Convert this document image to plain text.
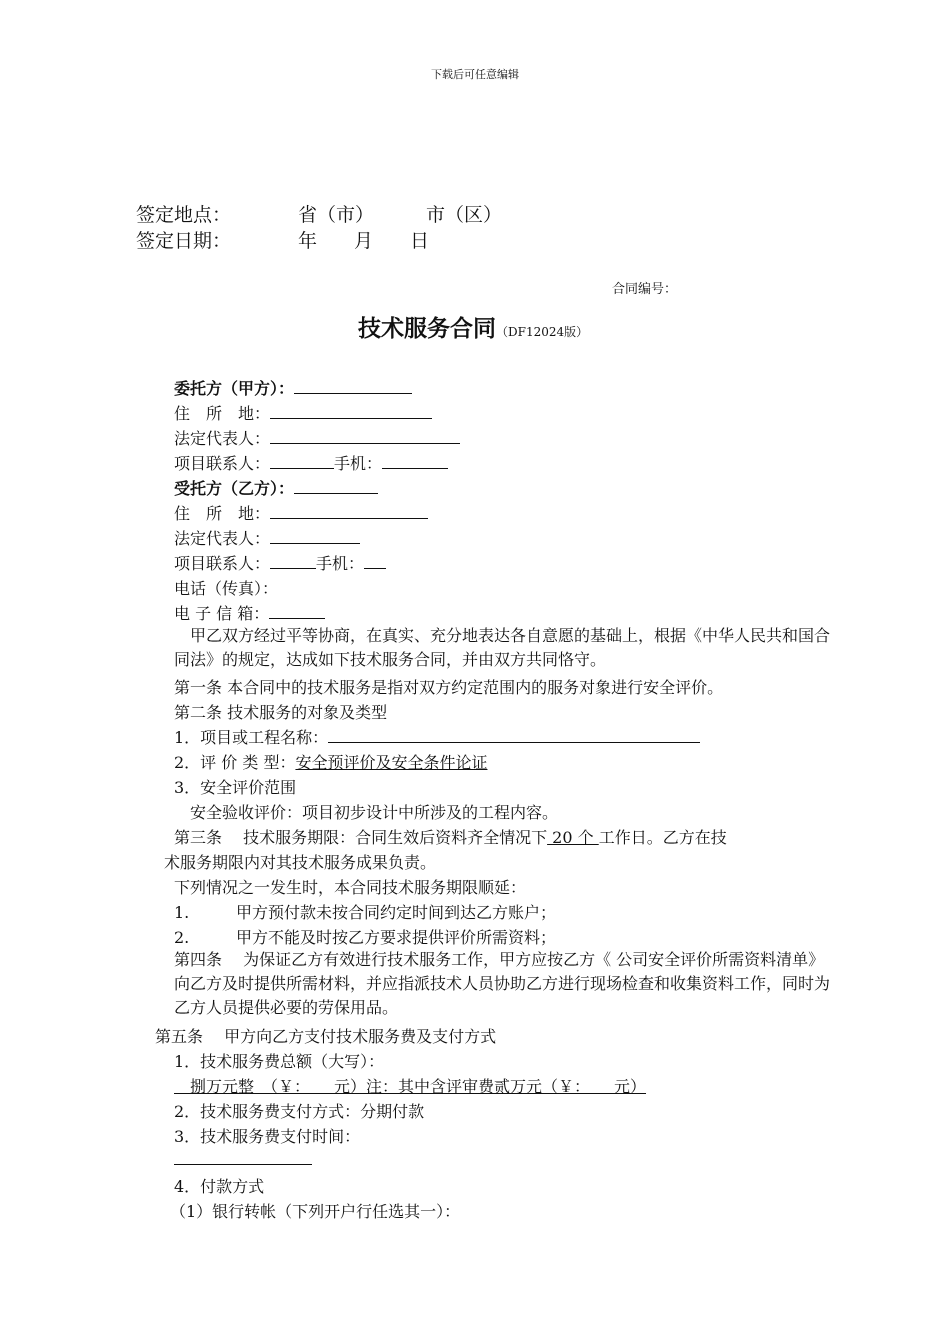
下载后可任意编辑
签定地点：	省（市）	市（区）
签定日期：	年 月 日
合同编号：
技术服务合同（DF12024版）
委托方（甲方）：
住　所　地：
法定代表人：
项目联系人：	手机：
受托方（乙方）：
住　所　地：
法定代表人：
项目联系人：	手机：
电话（传真）：
电 子 信 箱：
　甲乙双方经过平等协商，在真实、充分地表达各自意愿的基础上，根据《中华人民共和国合同法》的规定，达成如下技术服务合同，并由双方共同恪守。
第一条 本合同中的技术服务是指对双方约定范围内的服务对象进行安全评价。
第二条 技术服务的对象及类型
1．项目或工程名称：
2．评 价 类 型：安全预评价及安全条件论证
3．安全评价范围
　安全验收评价：项目初步设计中所涉及的工程内容。
第三条　 技术服务期限：合同生效后资料齐全情况下 20 个 工作日。乙方在技
术服务期限内对其技术服务成果负责。
下列情况之一发生时，本合同技术服务期限顺延：
1.	甲方预付款未按合同约定时间到达乙方账户；
2.	甲方不能及时按乙方要求提供评价所需资料；
第四条　 为保证乙方有效进行技术服务工作，甲方应按乙方《 公司安全评价所需资料清单》向乙方及时提供所需材料，并应指派技术人员协助乙方进行现场检查和收集资料工作，同时为乙方人员提供必要的劳保用品。
第五条　 甲方向乙方支付技术服务费及支付方式
1．技术服务费总额（大写）：
　捌万元整　（￥：　　元）注：其中含评审费贰万元（￥：　　元）
2．技术服务费支付方式：分期付款
3．技术服务费支付时间：
4．付款方式
（1）银行转帐（下列开户行任选其一）：
